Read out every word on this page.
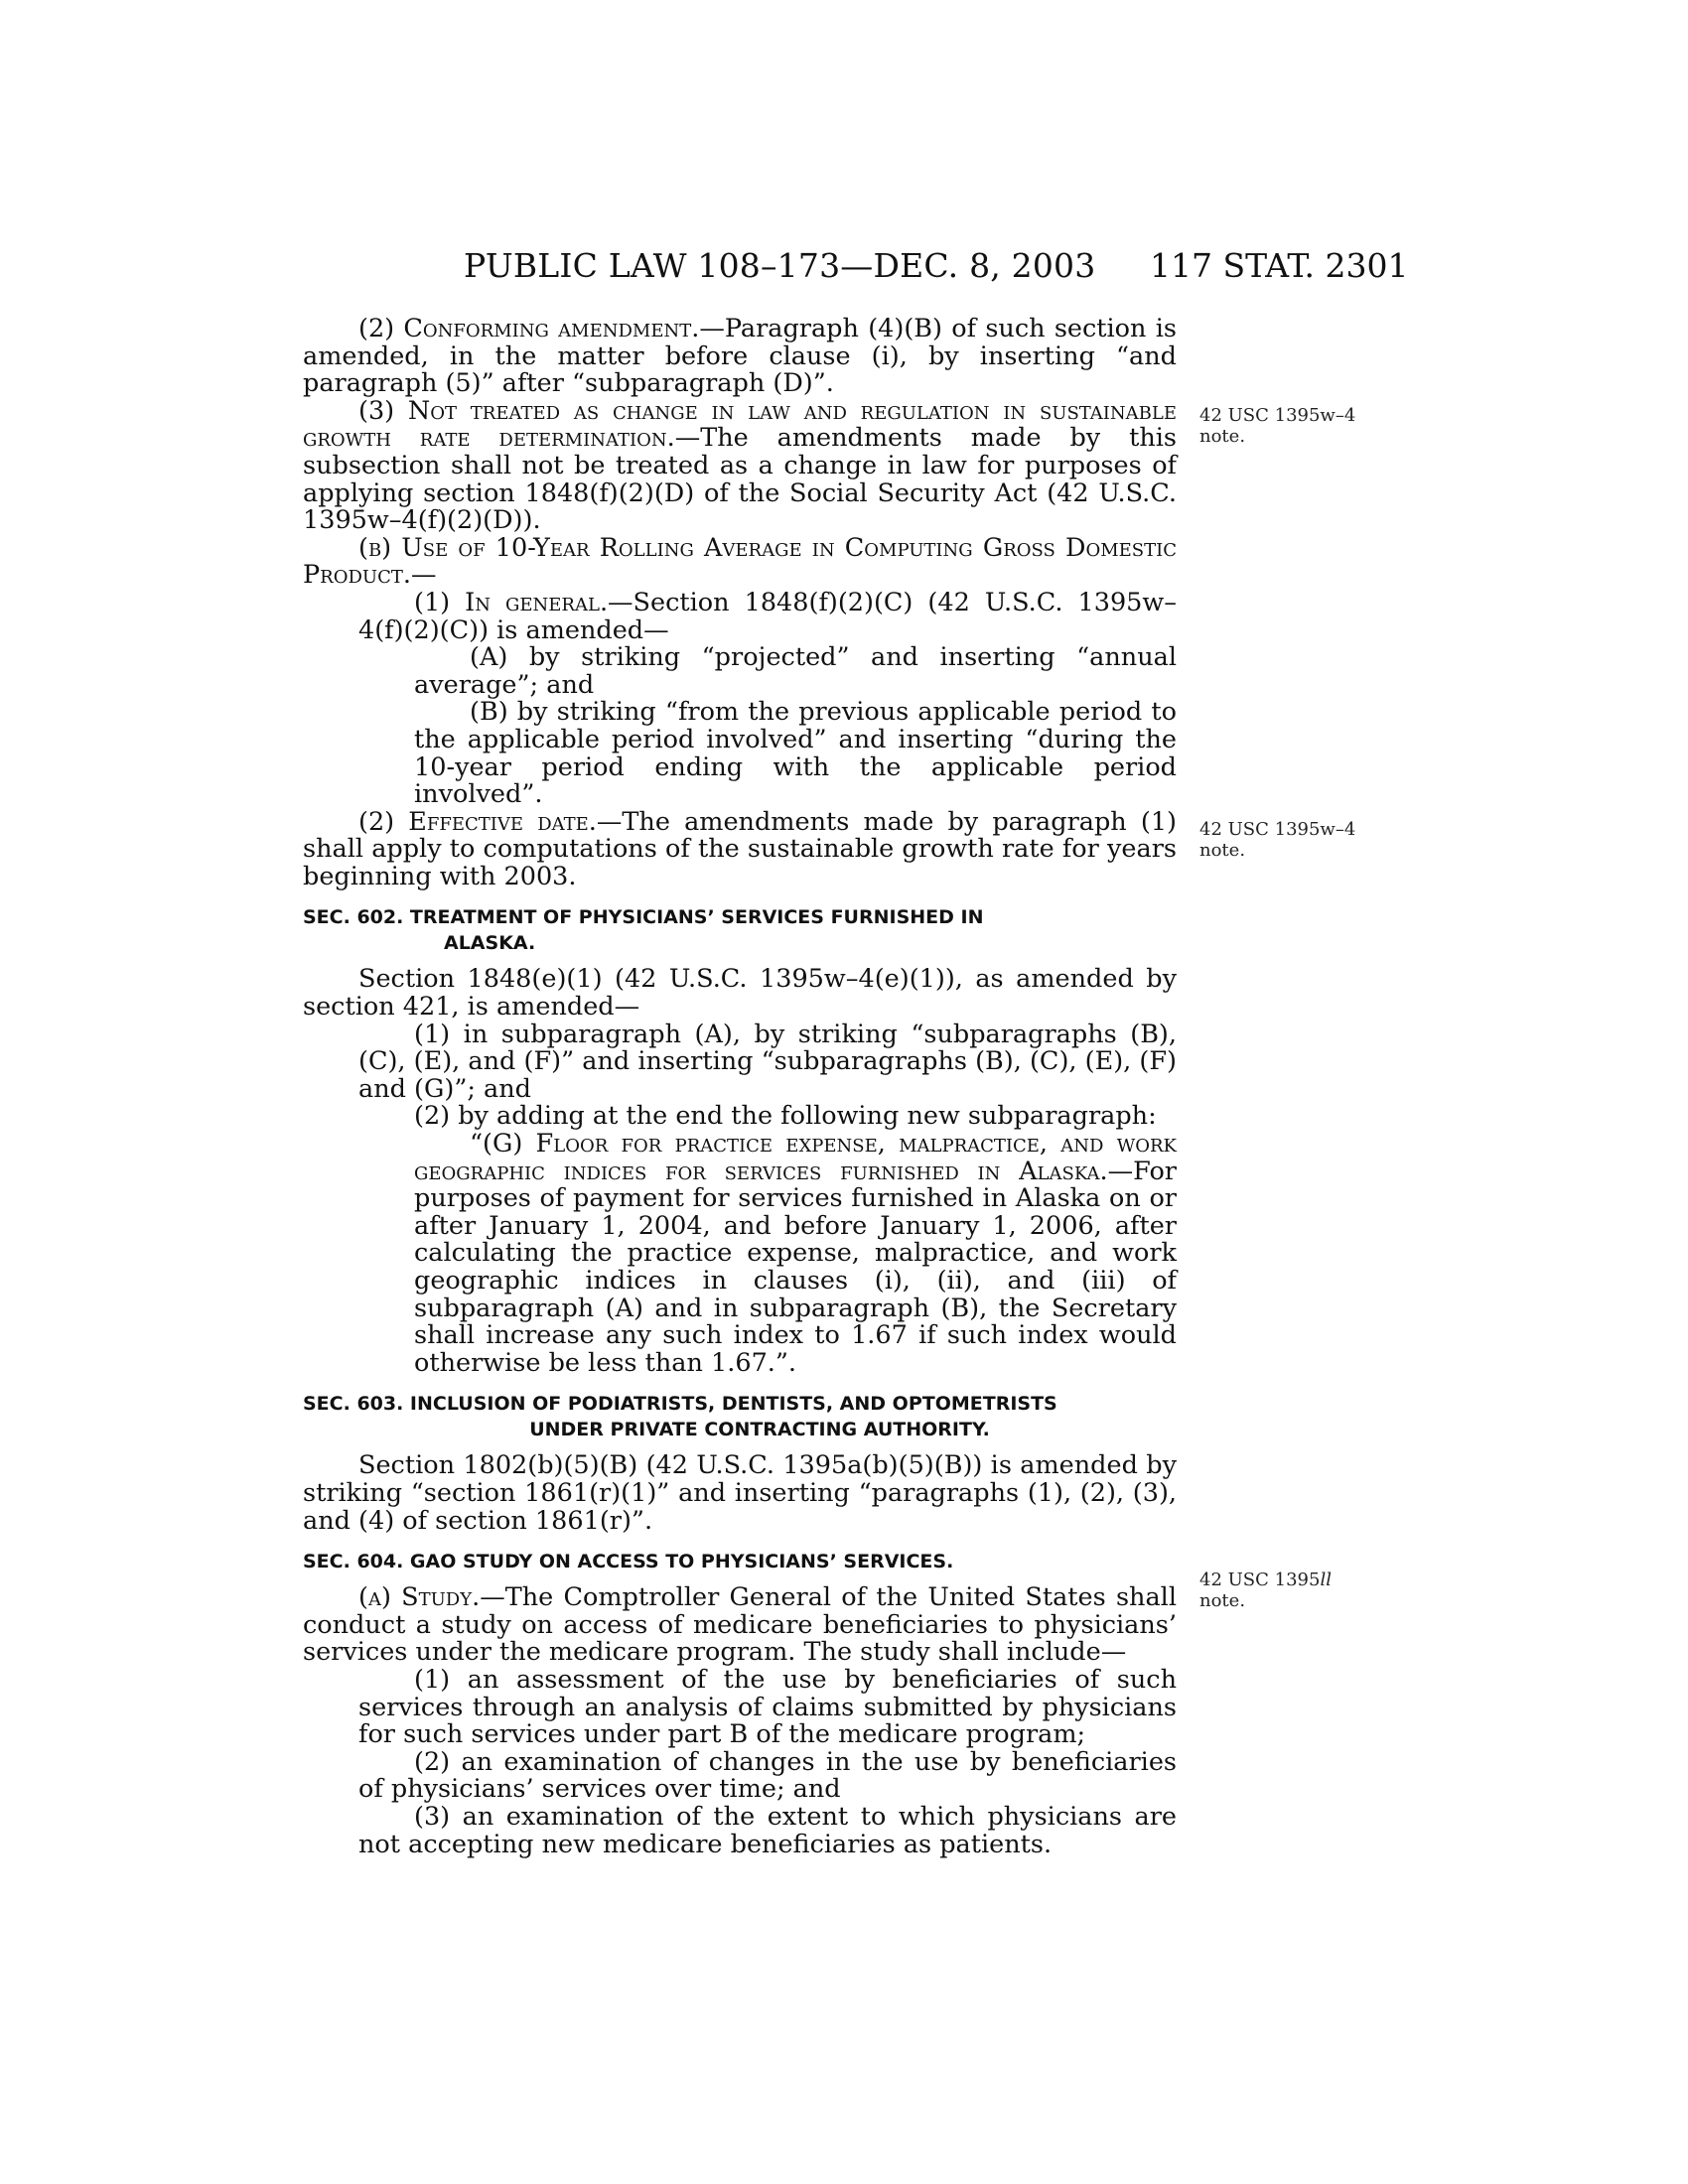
PUBLIC LAW 108–173—DEC. 8, 2003 117 STAT. 2301

(2) Conforming amendment.—Paragraph (4)(B) of such section is amended, in the matter before clause (i), by inserting “and paragraph (5)” after “subparagraph (D)”.

(3) Not treated as change in law and regulation in sustainable growth rate determination.—The amendments made by this subsection shall not be treated as a change in law for purposes of applying section 1848(f)(2)(D) of the Social Security Act (42 U.S.C. 1395w–4(f)(2)(D)).

(b) Use of 10-Year Rolling Average in Computing Gross Domestic Product.—

(1) In general.—Section 1848(f)(2)(C) (42 U.S.C. 1395w–4(f)(2)(C)) is amended—

(A) by striking “projected” and inserting “annual average”; and

(B) by striking “from the previous applicable period to the applicable period involved” and inserting “during the 10-year period ending with the applicable period involved”.

(2) Effective date.—The amendments made by paragraph (1) shall apply to computations of the sustainable growth rate for years beginning with 2003.

SEC. 602. TREATMENT OF PHYSICIANS’ SERVICES FURNISHED IN
ALASKA.

Section 1848(e)(1) (42 U.S.C. 1395w–4(e)(1)), as amended by section 421, is amended—

(1) in subparagraph (A), by striking “subparagraphs (B), (C), (E), and (F)” and inserting “subparagraphs (B), (C), (E), (F) and (G)”; and

(2) by adding at the end the following new subparagraph:

“(G) Floor for practice expense, malpractice, and work geographic indices for services furnished in Alaska.—For purposes of payment for services furnished in Alaska on or after January 1, 2004, and before January 1, 2006, after calculating the practice expense, malpractice, and work geographic indices in clauses (i), (ii), and (iii) of subparagraph (A) and in subparagraph (B), the Secretary shall increase any such index to 1.67 if such index would otherwise be less than 1.67.”.

SEC. 603. INCLUSION OF PODIATRISTS, DENTISTS, AND OPTOMETRISTS
UNDER PRIVATE CONTRACTING AUTHORITY.

Section 1802(b)(5)(B) (42 U.S.C. 1395a(b)(5)(B)) is amended by striking “section 1861(r)(1)” and inserting “paragraphs (1), (2), (3), and (4) of section 1861(r)”.

SEC. 604. GAO STUDY ON ACCESS TO PHYSICIANS’ SERVICES.

(a) Study.—The Comptroller General of the United States shall conduct a study on access of medicare beneficiaries to physicians’ services under the medicare program. The study shall include—

(1) an assessment of the use by beneficiaries of such services through an analysis of claims submitted by physicians for such services under part B of the medicare program;

(2) an examination of changes in the use by beneficiaries of physicians’ services over time; and

(3) an examination of the extent to which physicians are not accepting new medicare beneficiaries as patients.

42 USC 1395w–4
note.
42 USC 1395w–4
note.
42 USC 1395ll
note.
